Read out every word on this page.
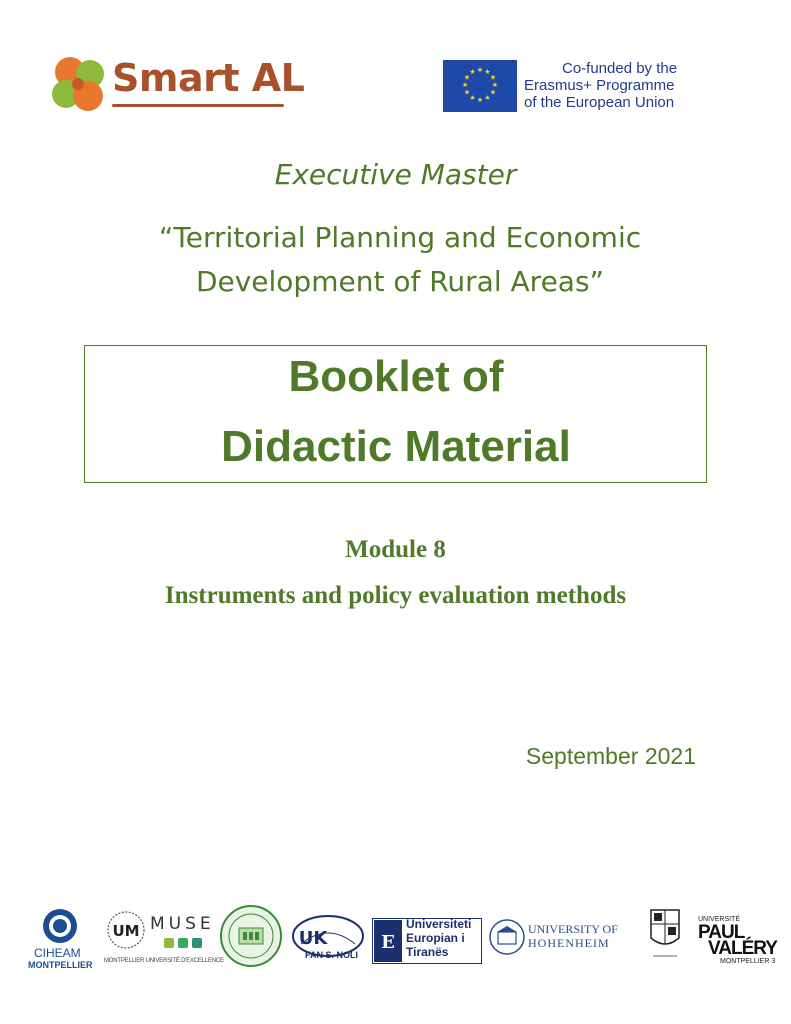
Smart AL	★ ★
★
★
★
★
★
★
★
★
★
★	Co-funded by the
Erasmus+ Programme
of the European Union
Executive Master
“Territorial Planning and Economic
Development of Rural Areas”
Booklet of
Didactic Material
Module 8
Instruments and policy evaluation methods
September 2021
CIHEAM
MONTPELLIER
UM MUSE
MONTPELLIER UNIVERSITÉ D'EXCELLENCE
UK
FAN S. NOLI
E
Universiteti
Europian i
Tiranës
UNIVERSITY OF
HOHENHEIM
UNIVERSITÉ
PAUL
VALÉRY
MONTPELLIER 3
